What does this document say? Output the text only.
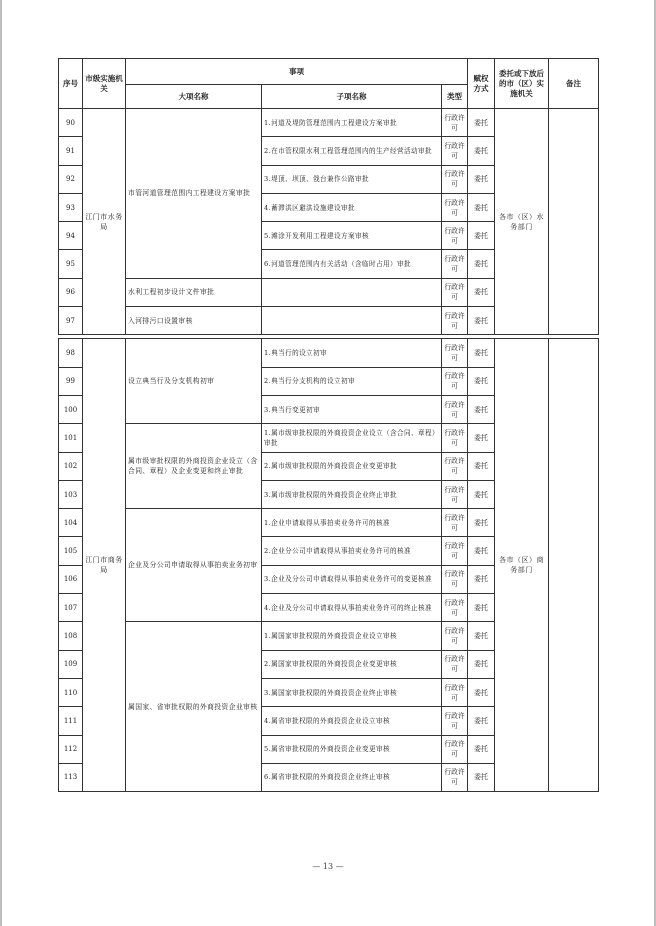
序号	市级实施机关	事项			赋权方式	委托或下放后的市（区）实施机关	备注
		大项名称	子项名称	类型			
90	江门市水务局	市管河道管理范围内工程建设方案审批	1.河道及堤防管理范围内工程建设方案审批	行政许可	委托	各市（区）水务部门	
91			2.在市管权限水利工程管理范围内的生产经营活动审批	行政许可	委托		
92			3.堤顶、坝顶、戗台兼作公路审批	行政许可	委托		
93			4.蓄滞洪区避洪设施建设审批	行政许可	委托		
94			5.滩涂开发利用工程建设方案审核	行政许可	委托		
95			6.河道管理范围内有关活动（含临时占用）审批	行政许可	委托		
96		水利工程初步设计文件审批		行政许可	委托		
97		入河排污口设置审核		行政许可	委托		

98	江门市商务局	设立典当行及分支机构初审	1.典当行的设立初审	行政许可	委托	各市（区）商务部门	
99			2.典当行分支机构的设立初审	行政许可	委托		
100			3.典当行变更初审	行政许可	委托		
101		属市级审批权限的外商投资企业设立（含合同、章程）及企业变更和终止审批	1.属市级审批权限的外商投资企业设立（含合同、章程）审批	行政许可	委托		
102			2.属市级审批权限的外商投资企业变更审批	行政许可	委托		
103			3.属市级审批权限的外商投资企业终止审批	行政许可	委托		
104		企业及分公司申请取得从事拍卖业务初审	1.企业申请取得从事拍卖业务许可的核准	行政许可	委托		
105			2.企业分公司申请取得从事拍卖业务许可的核准	行政许可	委托		
106			3.企业及分公司申请取得从事拍卖业务许可的变更核准	行政许可	委托		
107			4.企业及分公司申请取得从事拍卖业务许可的终止核准	行政许可	委托		
108		属国家、省审批权限的外商投资企业审核	1.属国家审批权限的外商投资企业设立审核	行政许可	委托		
109			2.属国家审批权限的外商投资企业变更审核	行政许可	委托		
110			3.属国家审批权限的外商投资企业终止审核	行政许可	委托		
111			4.属省审批权限的外商投资企业设立审核	行政许可	委托		
112			5.属省审批权限的外商投资企业变更审核	行政许可	委托		
113			6.属省审批权限的外商投资企业终止审核	行政许可	委托		
— 13 —
